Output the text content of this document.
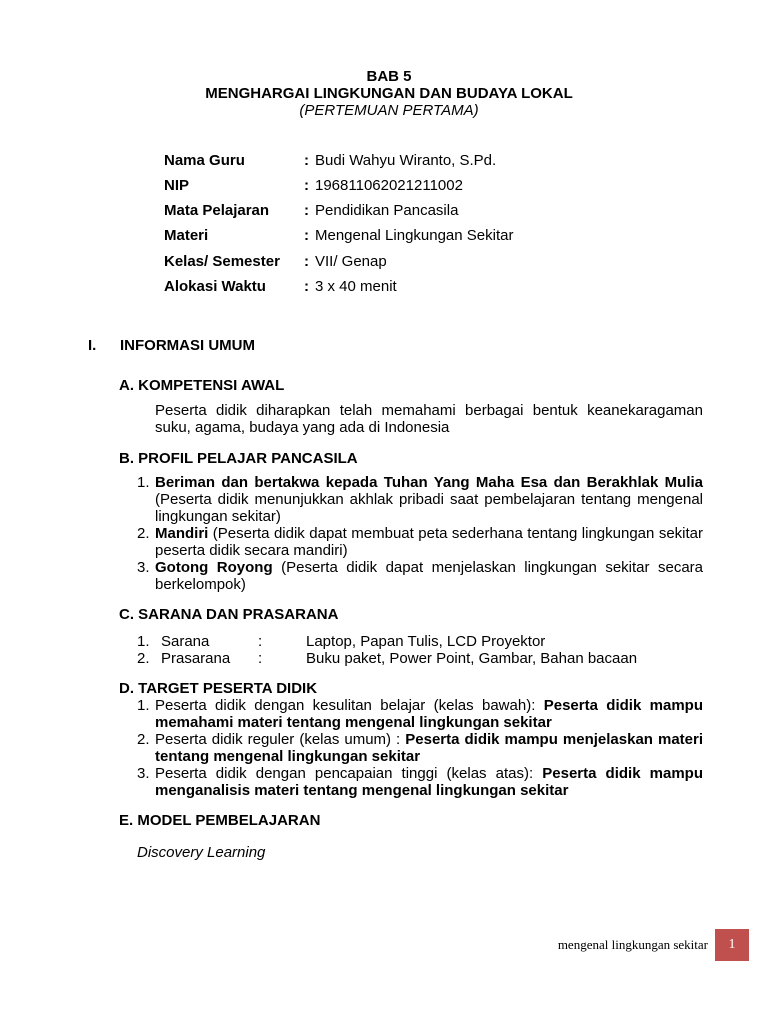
BAB 5
MENGHARGAI LINGKUNGAN DAN BUDAYA LOKAL
(PERTEMUAN PERTAMA)
Nama Guru	: Budi Wahyu Wiranto, S.Pd.
NIP	: 196811062021211002
Mata Pelajaran : Pendidikan Pancasila
Materi	: Mengenal Lingkungan Sekitar
Kelas/ Semester : VII/ Genap
Alokasi Waktu	: 3 x 40 menit
I. INFORMASI UMUM
A. KOMPETENSI AWAL
Peserta didik diharapkan telah memahami berbagai bentuk keanekaragaman suku, agama, budaya yang ada di Indonesia
B. PROFIL PELAJAR PANCASILA
1. Beriman dan bertakwa kepada Tuhan Yang Maha Esa dan Berakhlak Mulia (Peserta didik menunjukkan akhlak pribadi saat pembelajaran tentang mengenal lingkungan sekitar)
2. Mandiri (Peserta didik dapat membuat peta sederhana tentang lingkungan sekitar peserta didik secara mandiri)
3. Gotong Royong (Peserta didik dapat menjelaskan lingkungan sekitar secara berkelompok)
C. SARANA DAN PRASARANA
1. Sarana	:	Laptop, Papan Tulis, LCD Proyektor
2. Prasarana :	Buku paket, Power Point, Gambar, Bahan bacaan
D. TARGET PESERTA DIDIK
1. Peserta didik dengan kesulitan belajar (kelas bawah): Peserta didik mampu memahami materi tentang mengenal lingkungan sekitar
2. Peserta didik reguler (kelas umum) : Peserta didik mampu menjelaskan materi tentang mengenal lingkungan sekitar
3. Peserta didik dengan pencapaian tinggi (kelas atas): Peserta didik mampu menganalisis materi tentang mengenal lingkungan sekitar
E. MODEL PEMBELAJARAN
Discovery Learning
mengenal lingkungan sekitar	1
